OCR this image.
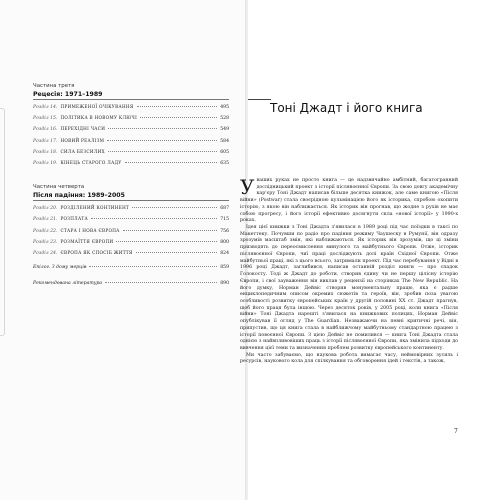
Частина третя
Рецесія: 1971–1989
Розділ 14. ПРИМЕЖЕНОЇ ОЧІКУВАННЯ	495
Розділ 15. ПОЛІТИКА В НОВОМУ КЛЮЧІ	528
Розділ 16. ПЕРЕХІДНІ ЧАСИ	549
Розділ 17. НОВИЙ РЕАЛІЗМ	584
Розділ 18. СИЛА БЕЗСИЛИХ	605
Розділ 19. КІНЕЦЬ СТАРОГО ЛАДУ	635
Частина четверта
Після падіння: 1989–2005
Розділ 20. РОЗДІЛЕНИЙ КОНТИНЕНТ	687
Розділ 21. РОЗПЛАТА	715
Розділ 22. СТАРА І НОВА ЄВРОПА	756
Розділ 23. РОЗМАЇТТЯ ЄВРОПИ	800
Розділ 24. ЄВРОПА ЯК СПОСІБ ЖИТТЯ	824
Епілог. З дому мерців	859
Рекомендована література	890
Тоні Джадт і його книга

Уваших руках не просто книга — це надзвичайно амбітний, багатогранний дослідницький проект з історії післявоєнної Європи. За свою довгу академічну кар'єру Тоні Джадт написав більше десятка книжок, але саме книгою «Після війни» (Postwar) стала своєрідною кульмінацією його як історика, спробою охопити історію, з якою він наближається. Як історик він прогнав, що жодне з рухів не має собою прогресу, і його історії ефективно досягнути скла «нової історії» у 1990-х роках.

Ідея цієї книжки з Тоні Джадта з'явилася в 1989 році під час поїздки в таксі по Макеттеку. Почувши по радіо про падіння режиму Чаушеску в Румунії, він одразу зрозумів масштаб змін, які наближаються. Як історик він зрозумів, що ці зміни призводять до переосмислення минулого та майбутнього Європи. Отже, історик післявоєнної Європи, чиї праці досліджують долі країн Східної Європи. Отже майбутньої праці, які з цього всього, затримали проект. Під час перебування у Відні в 1996 році Джадт, заглибився, написав останній розділ книги — про спадок Голокосту. Тоді ж Джадт до роботи, створив єдину чи не першу цілісну історію Європи, і свої зауваження він виклав у рецензії на сторінках The New Republic. На його думку, Норман Дейвіс створив монументальну працю, яка є радше енциклопедичним описом окремих сюжетів та героїв, він, зробив поза увагою особливості розвитку європейських країн у другій половині XX ст. Джадт прагнув, щоб його праця була іншою. Через десяток років, у 2005 році, коли книга «Після війни» Тоні Джадта нарешті з'явилася на книжкових полицях, Норман Дейвіс опублікував її огляд у The Guardian. Незважаючи на певні критичні речі, він, припустив, що ця книга стала в найближчому майбутньому стандартною працею з історії повоєнної Європи. З цією Дейвіс не помилився — книга Тоні Джадта стала однією з найвпливовіших праць з історії післявоєнної Європи, яка змінила підходи до вивчення цієї теми та визначення проблем розвитку європейського континенту.

Ми часто забуваємо, що наукова робота вимагає часу, неймовірних зусиль і ресурсів, наукового кола для спілкування та обговорення ідей і текстів, а також,

7
